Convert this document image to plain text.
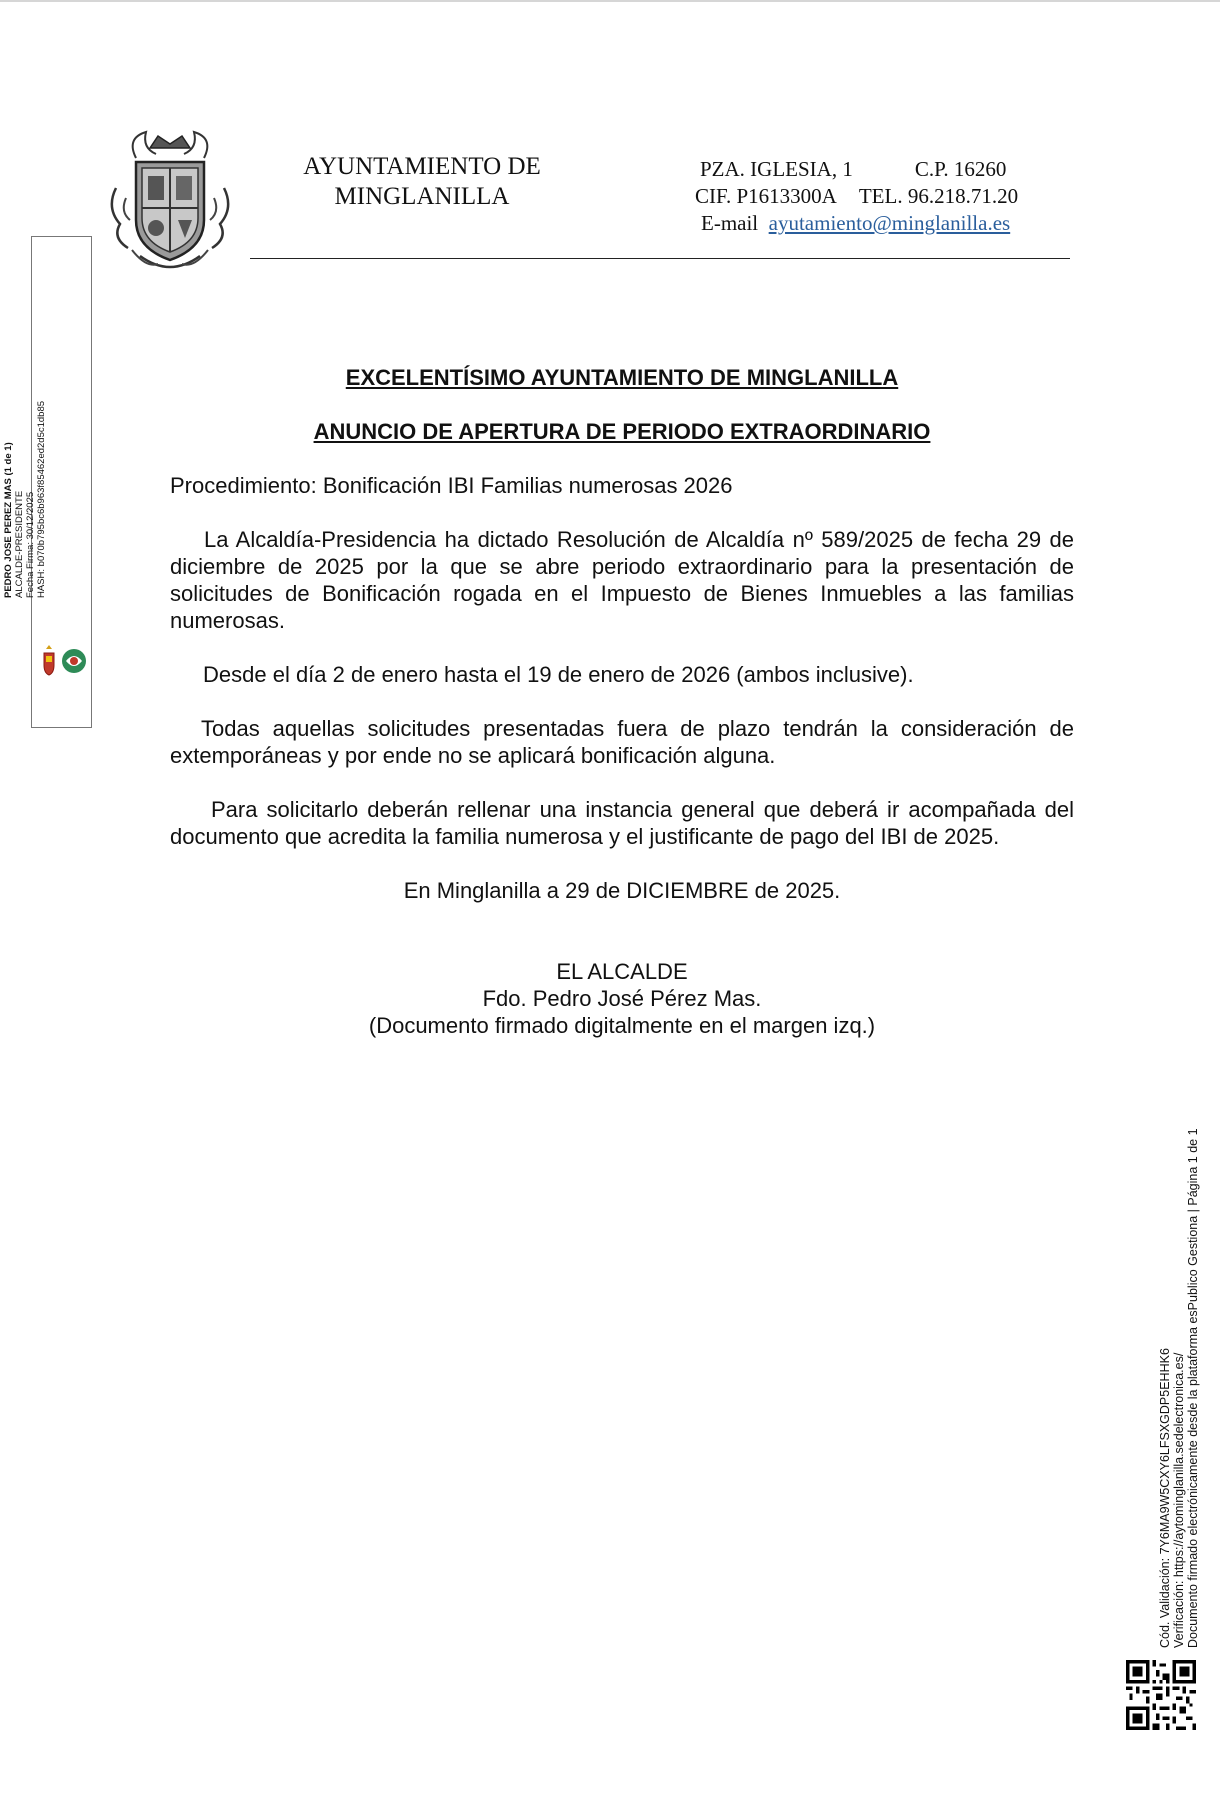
AYUNTAMIENTO DE
MINGLANILLA
PZA. IGLESIA, 1	C.P. 16260
CIF. P1613300A TEL. 96.218.71.20
E-mail ayutamiento@minglanilla.es
PEDRO JOSE PEREZ MAS (1 de 1) ALCALDE-PRESIDENTE Fecha Firma: 30/12/2025 HASH: b070b795bc6b963f85462ed2d5c1db85
EXCELENTÍSIMO AYUNTAMIENTO DE MINGLANILLA
ANUNCIO DE APERTURA DE PERIODO EXTRAORDINARIO

Procedimiento: Bonificación IBI Familias numerosas 2026

La Alcaldía-Presidencia ha dictado Resolución de Alcaldía nº 589/2025 de fecha 29 de diciembre de 2025 por la que se abre periodo extraordinario para la presentación de solicitudes de Bonificación rogada en el Impuesto de Bienes Inmuebles a las familias numerosas.

Desde el día 2 de enero hasta el 19 de enero de 2026 (ambos inclusive).

Todas aquellas solicitudes presentadas fuera de plazo tendrán la consideración de extemporáneas y por ende no se aplicará bonificación alguna.

Para solicitarlo deberán rellenar una instancia general que deberá ir acompañada del documento que acredita la familia numerosa y el justificante de pago del IBI de 2025.

En Minglanilla a 29 de DICIEMBRE de 2025.

EL ALCALDE
Fdo. Pedro José Pérez Mas.
(Documento firmado digitalmente en el margen izq.)
Cód. Validación: 7Y6MA9W5CXY6LFSXGDP5EHHK6 Verificación: https://aytominglanilla.sedelectronica.es/ Documento firmado electrónicamente desde la plataforma esPublico Gestiona | Página 1 de 1
